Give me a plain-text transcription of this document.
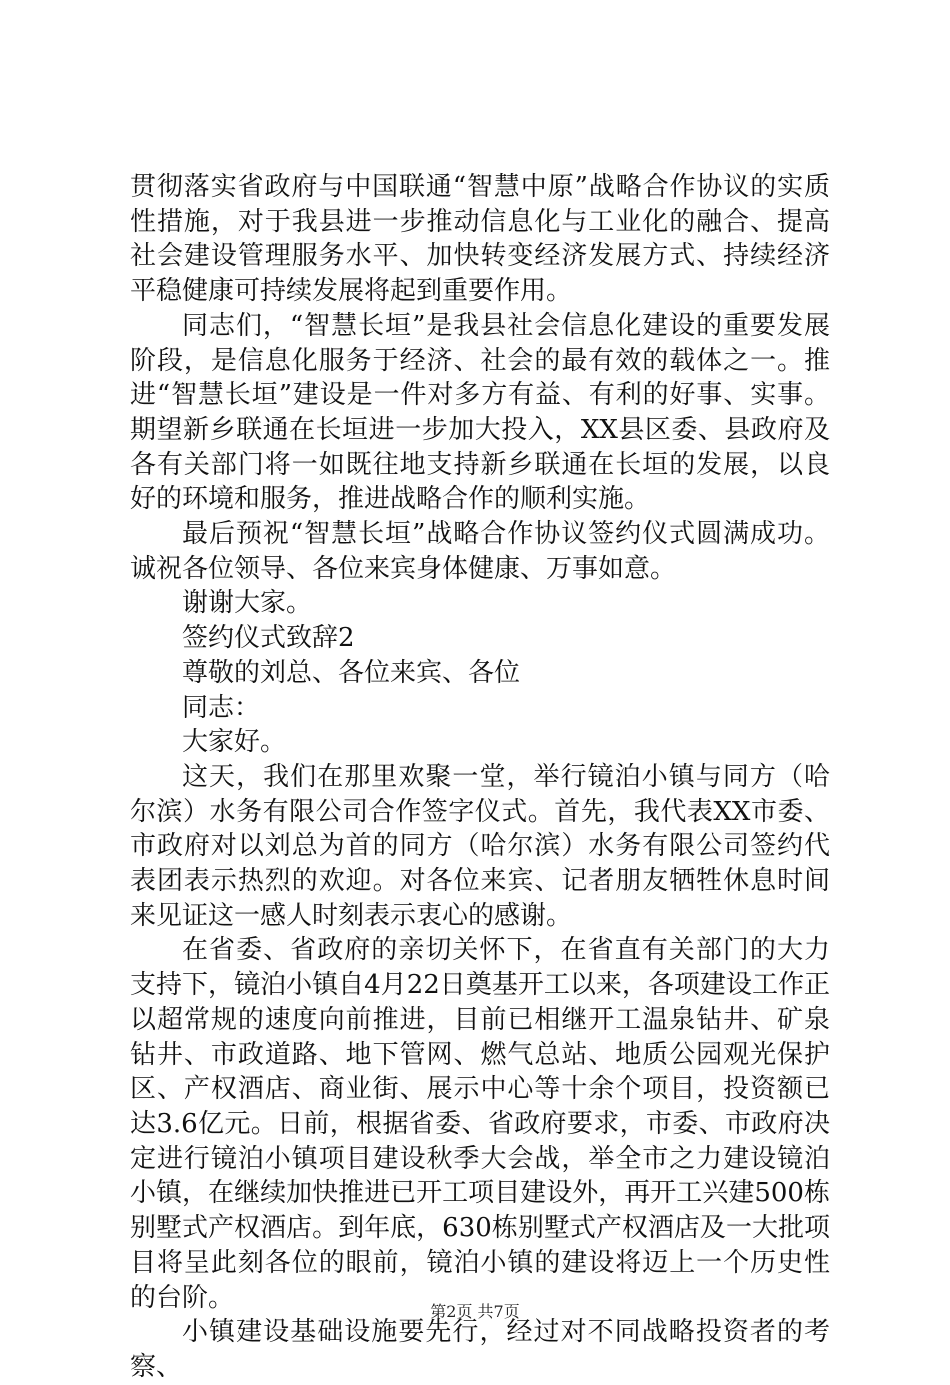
贯彻落实省政府与中国联通“智慧中原”战略合作协议的实质性措施，对于我县进一步推动信息化与工业化的融合、提高社会建设管理服务水平、加快转变经济发展方式、持续经济平稳健康可持续发展将起到重要作用。

同志们，“智慧长垣”是我县社会信息化建设的重要发展阶段，是信息化服务于经济、社会的最有效的载体之一。推进“智慧长垣”建设是一件对多方有益、有利的好事、实事。期望新乡联通在长垣进一步加大投入，XX县区委、县政府及各有关部门将一如既往地支持新乡联通在长垣的发展，以良好的环境和服务，推进战略合作的顺利实施。

最后预祝“智慧长垣”战略合作协议签约仪式圆满成功。诚祝各位领导、各位来宾身体健康、万事如意。

谢谢大家。

签约仪式致辞2

尊敬的刘总、各位来宾、各位

同志：

大家好。

这天，我们在那里欢聚一堂，举行镜泊小镇与同方（哈尔滨）水务有限公司合作签字仪式。首先，我代表XX市委、市政府对以刘总为首的同方（哈尔滨）水务有限公司签约代表团表示热烈的欢迎。对各位来宾、记者朋友牺牲休息时间来见证这一感人时刻表示衷心的感谢。

在省委、省政府的亲切关怀下，在省直有关部门的大力支持下，镜泊小镇自4月22日奠基开工以来，各项建设工作正以超常规的速度向前推进，目前已相继开工温泉钻井、矿泉钻井、市政道路、地下管网、燃气总站、地质公园观光保护区、产权酒店、商业街、展示中心等十余个项目，投资额已达3.6亿元。日前，根据省委、省政府要求，市委、市政府决定进行镜泊小镇项目建设秋季大会战，举全市之力建设镜泊小镇，在继续加快推进已开工项目建设外，再开工兴建500栋别墅式产权酒店。到年底，630栋别墅式产权酒店及一大批项目将呈此刻各位的眼前，镜泊小镇的建设将迈上一个历史性的台阶。

小镇建设基础设施要先行，经过对不同战略投资者的考察、

第2页 共7页
